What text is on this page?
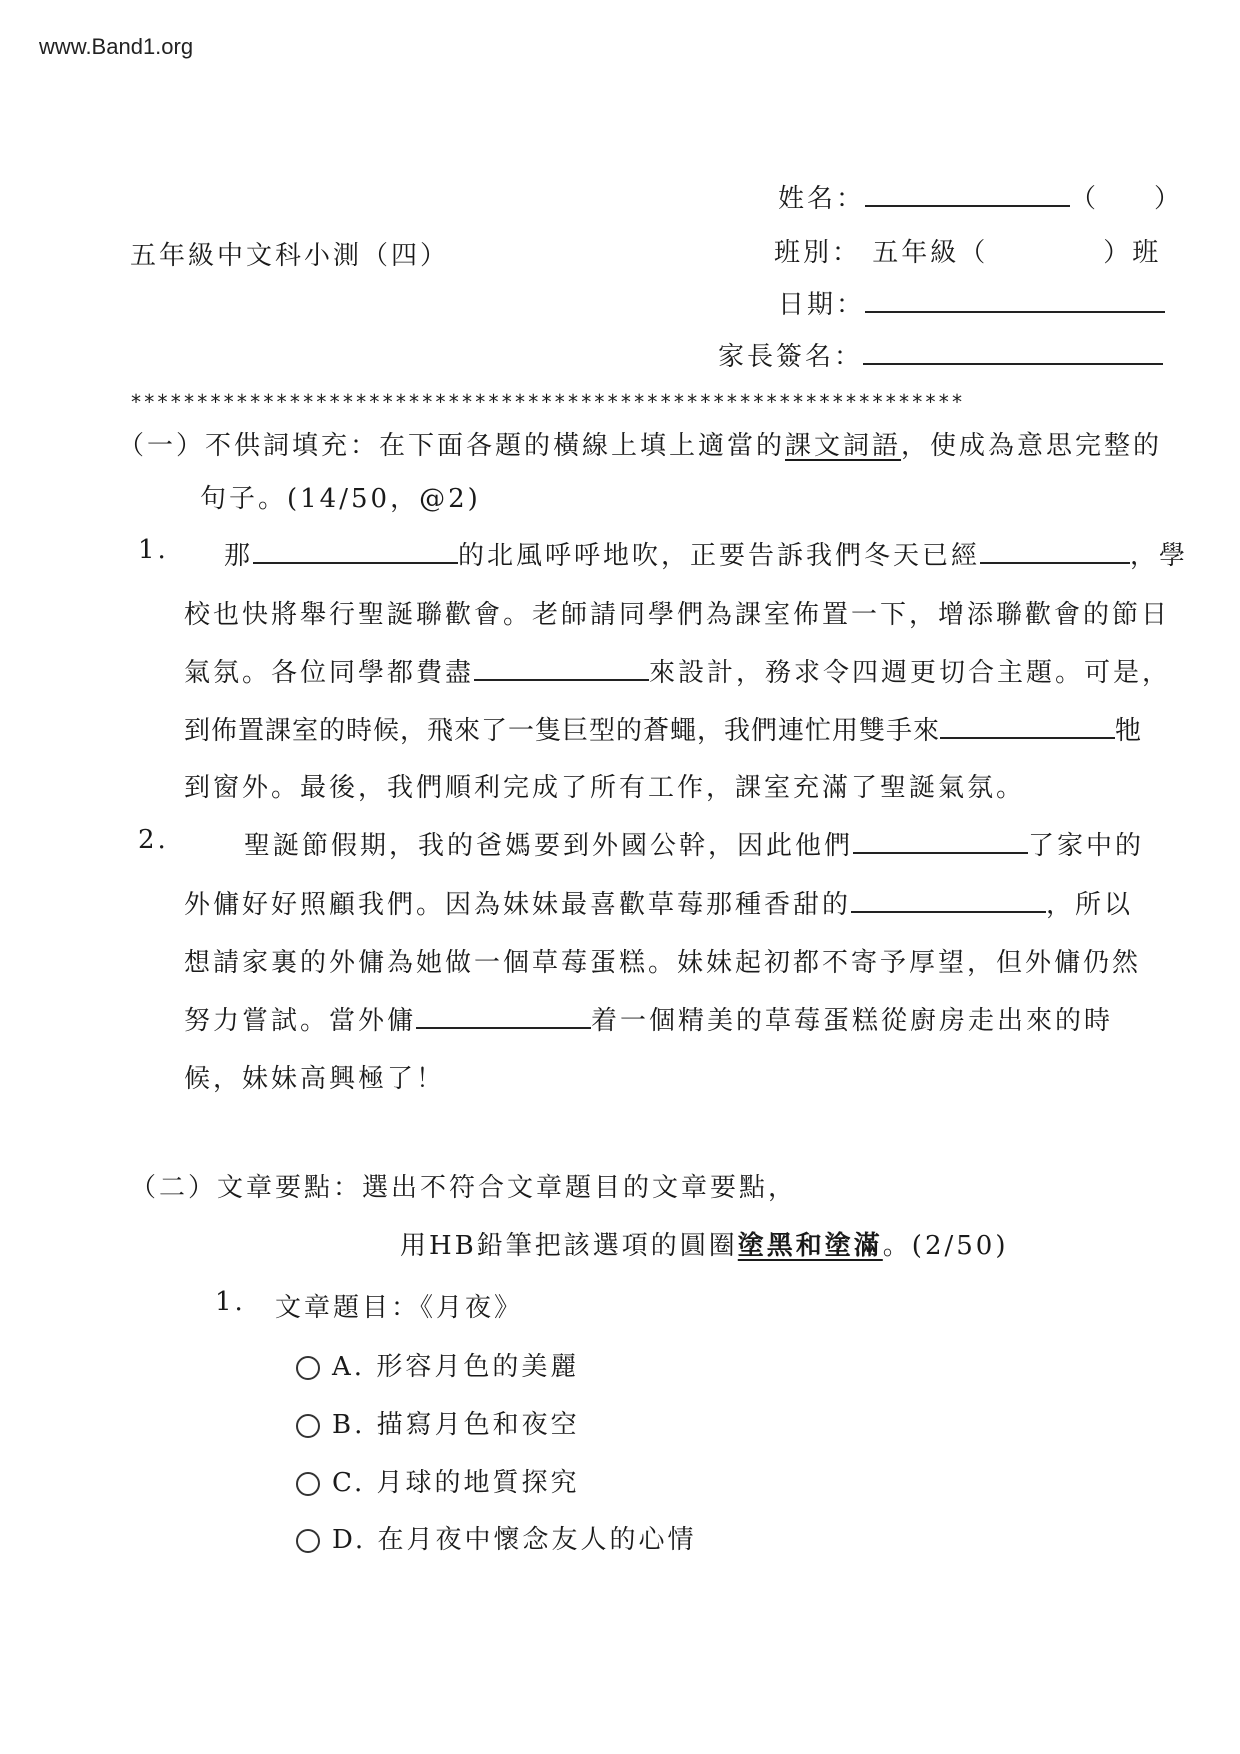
www.Band1.org
五年級中文科小測（四）
姓名：	（ ）
班別： 五年級（	）班
日期：
家長簽名：
***************************************************************
（一）不供詞填充：在下面各題的橫線上填上適當的課文詞語，使成為意思完整的
句子。(14/50，@2)
1. 那	的北風呼呼地吹，正要告訴我們冬天已經	，學
校也快將舉行聖誕聯歡會。老師請同學們為課室佈置一下，增添聯歡會的節日
氣氛。各位同學都費盡	來設計，務求令四週更切合主題。可是，
到佈置課室的時候，飛來了一隻巨型的蒼蠅，我們連忙用雙手來	牠
到窗外。最後，我們順利完成了所有工作，課室充滿了聖誕氣氛。
2.	聖誕節假期，我的爸媽要到外國公幹，因此他們	了家中的
外傭好好照顧我們。因為妹妹最喜歡草莓那種香甜的	，所以
想請家裏的外傭為她做一個草莓蛋糕。妹妹起初都不寄予厚望，但外傭仍然
努力嘗試。當外傭	着一個精美的草莓蛋糕從廚房走出來的時
候，妹妹高興極了！
（二）文章要點：選出不符合文章題目的文章要點，
用HB鉛筆把該選項的圓圈塗黑和塗滿。(2/50)
1. 文章題目：《月夜》
A. 形容月色的美麗
B. 描寫月色和夜空
C. 月球的地質探究
D. 在月夜中懷念友人的心情
